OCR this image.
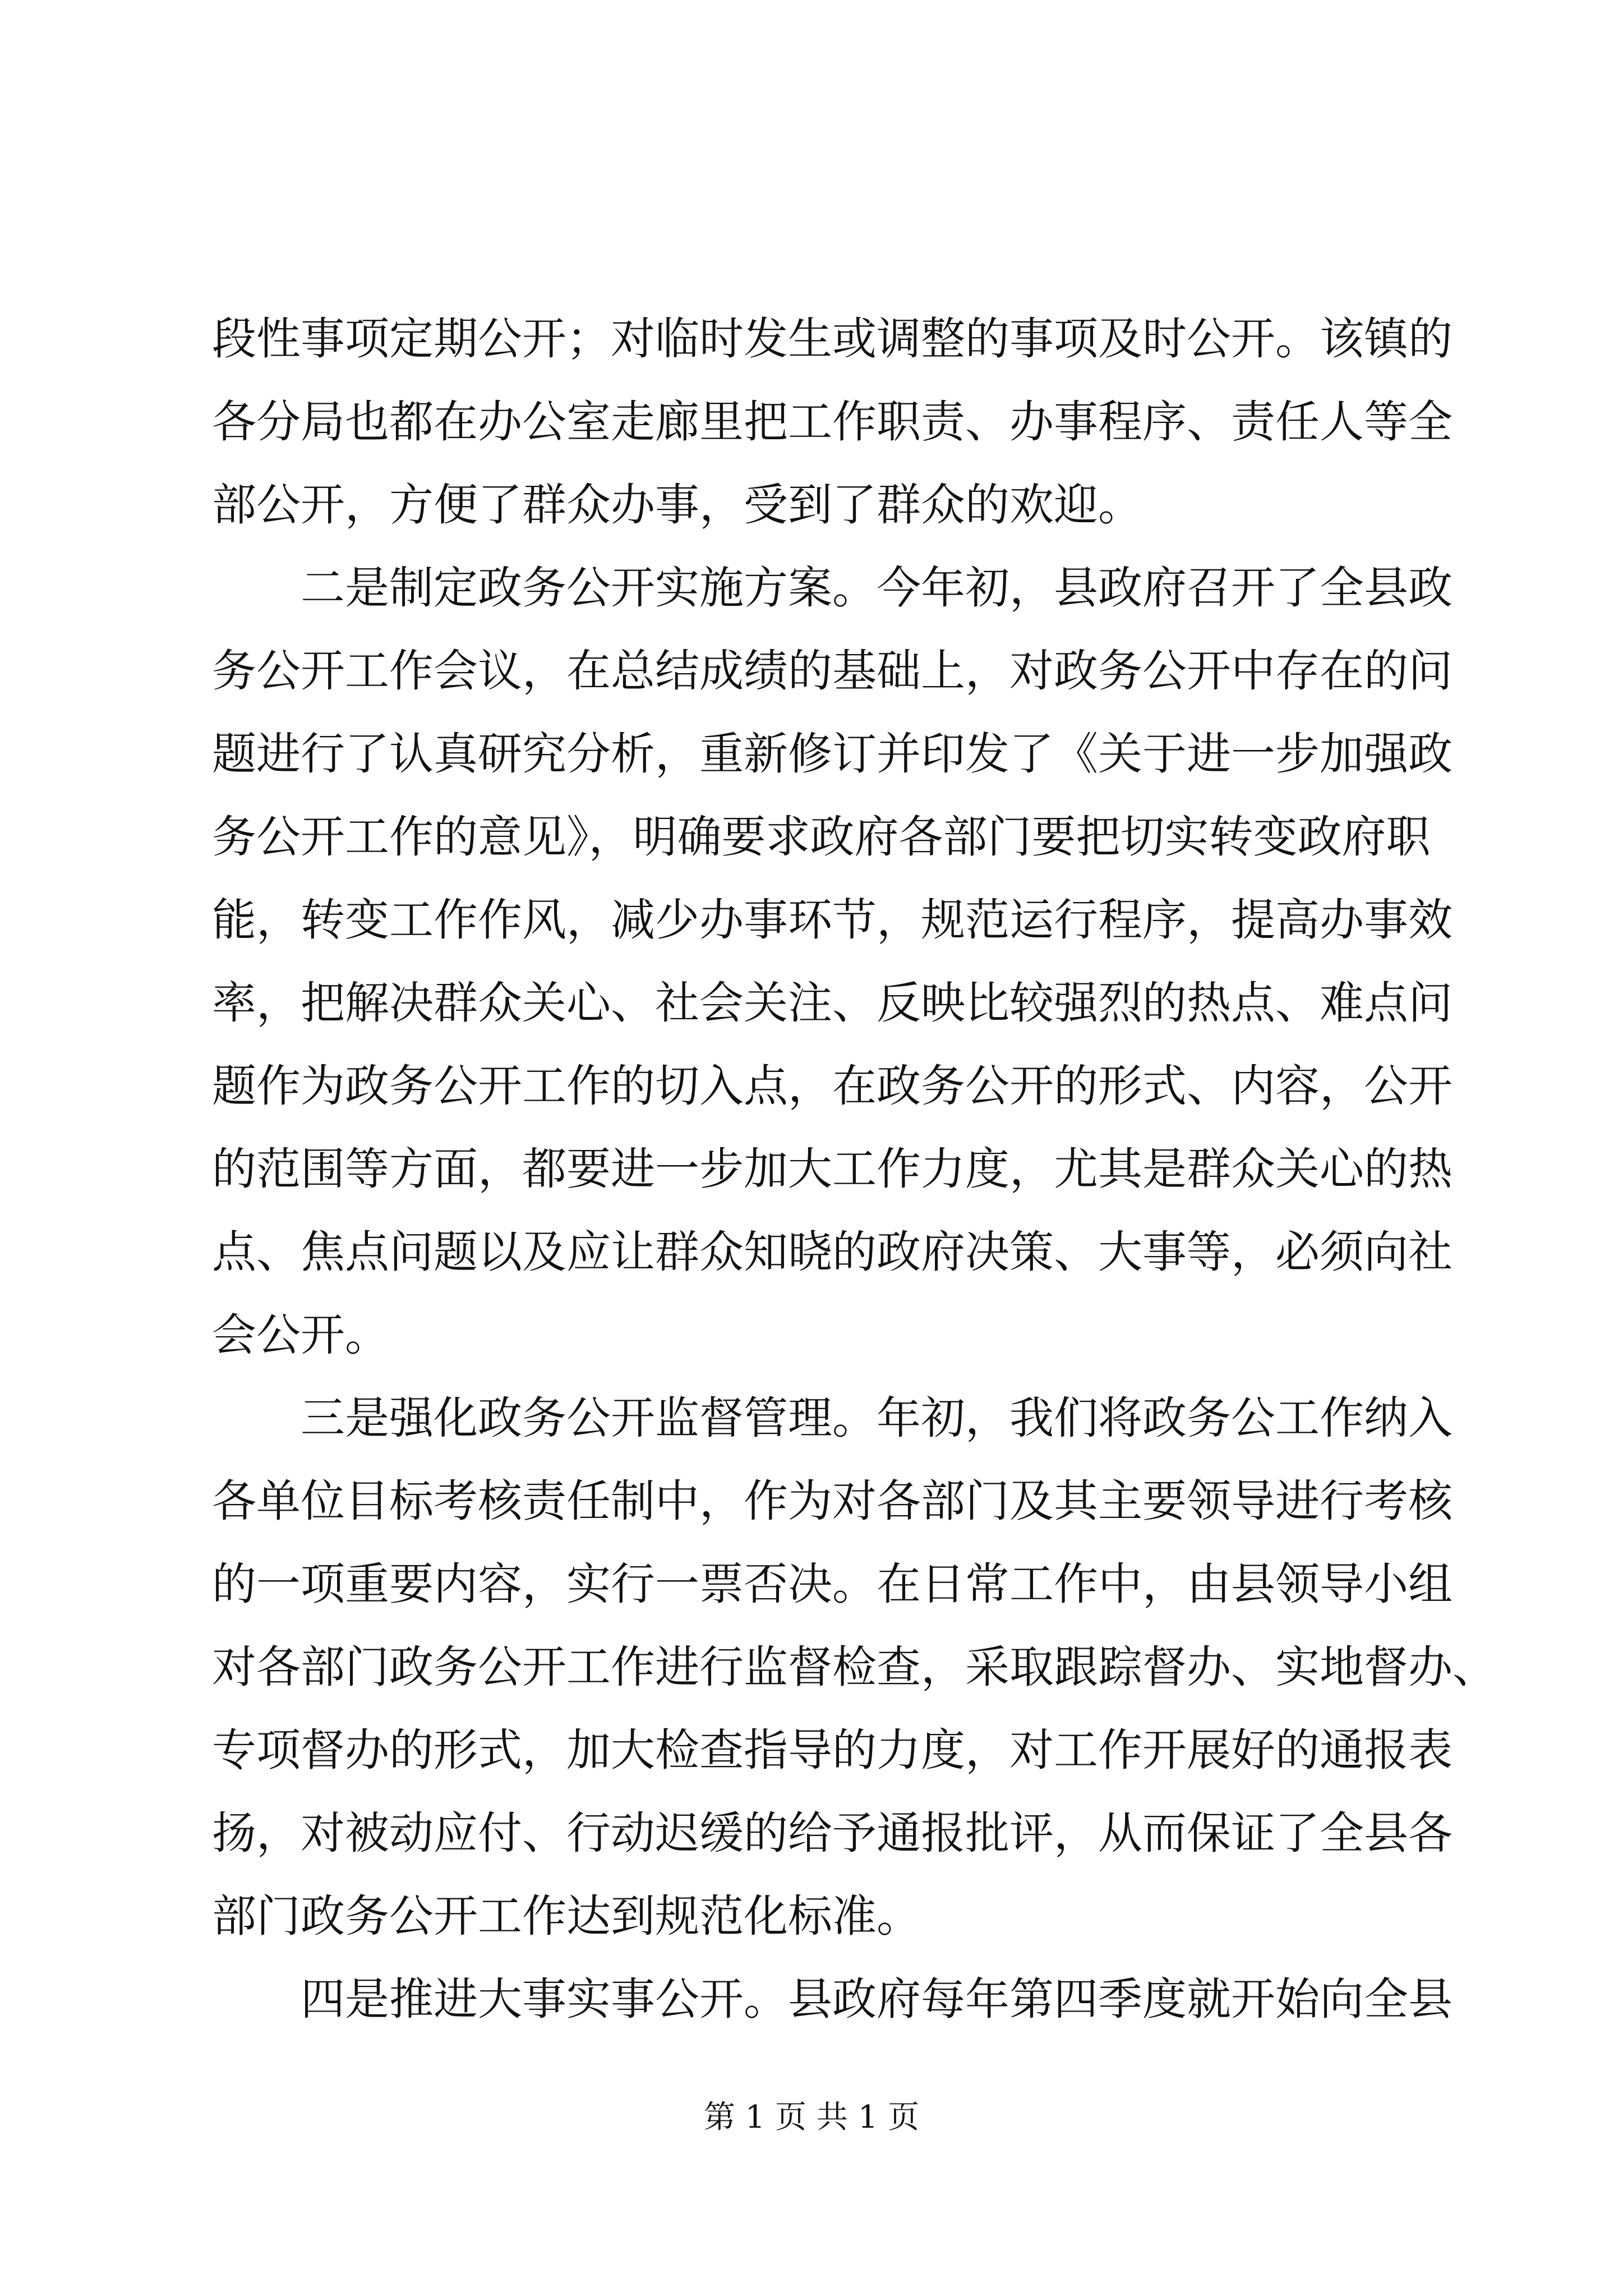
段性事项定期公开；对临时发生或调整的事项及时公开。该镇的
各分局也都在办公室走廊里把工作职责、办事程序、责任人等全
部公开，方便了群众办事，受到了群众的欢迎。
二是制定政务公开实施方案。今年初，县政府召开了全县政
务公开工作会议，在总结成绩的基础上，对政务公开中存在的问
题进行了认真研究分析，重新修订并印发了《关于进一步加强政
务公开工作的意见》，明确要求政府各部门要把切实转变政府职
能，转变工作作风，减少办事环节，规范运行程序，提高办事效
率，把解决群众关心、社会关注、反映比较强烈的热点、难点问
题作为政务公开工作的切入点，在政务公开的形式、内容，公开
的范围等方面，都要进一步加大工作力度，尤其是群众关心的热
点、焦点问题以及应让群众知晓的政府决策、大事等，必须向社
会公开。
三是强化政务公开监督管理。年初，我们将政务公工作纳入
各单位目标考核责任制中，作为对各部门及其主要领导进行考核
的一项重要内容，实行一票否决。在日常工作中，由县领导小组
对各部门政务公开工作进行监督检查，采取跟踪督办、实地督办、
专项督办的形式，加大检查指导的力度，对工作开展好的通报表
扬，对被动应付、行动迟缓的给予通报批评，从而保证了全县各
部门政务公开工作达到规范化标准。
四是推进大事实事公开。县政府每年第四季度就开始向全县
第 1 页 共 1 页
